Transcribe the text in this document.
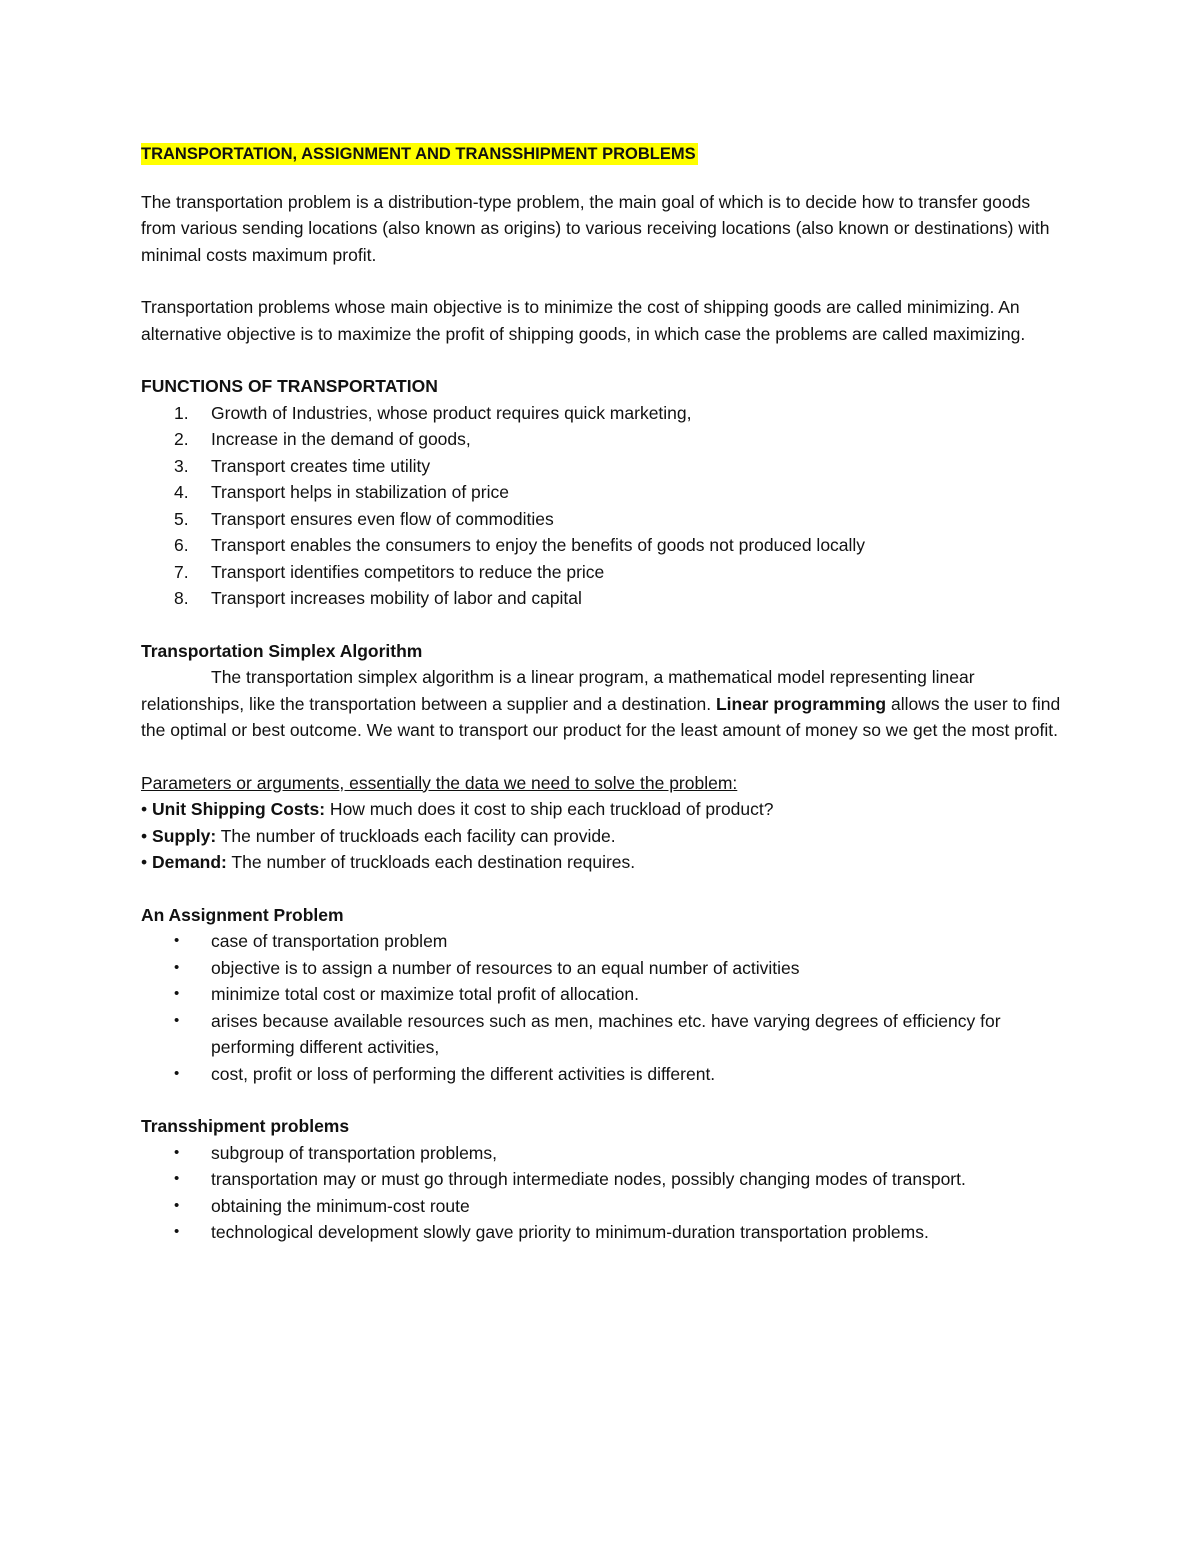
TRANSPORTATION, ASSIGNMENT AND TRANSSHIPMENT PROBLEMS

The transportation problem is a distribution-type problem, the main goal of which is to decide how to transfer goods from various sending locations (also known as origins) to various receiving locations (also known or destinations) with minimal costs maximum profit.

Transportation problems whose main objective is to minimize the cost of shipping goods are called minimizing. An alternative objective is to maximize the profit of shipping goods, in which case the problems are called maximizing.

FUNCTIONS OF TRANSPORTATION
1. Growth of Industries, whose product requires quick marketing,
2. Increase in the demand of goods,
3. Transport creates time utility
4. Transport helps in stabilization of price
5. Transport ensures even flow of commodities
6. Transport enables the consumers to enjoy the benefits of goods not produced locally
7. Transport identifies competitors to reduce the price
8. Transport increases mobility of labor and capital
Transportation Simplex Algorithm

The transportation simplex algorithm is a linear program, a mathematical model representing linear relationships, like the transportation between a supplier and a destination. Linear programming allows the user to find the optimal or best outcome. We want to transport our product for the least amount of money so we get the most profit.

Parameters or arguments, essentially the data we need to solve the problem:

• Unit Shipping Costs: How much does it cost to ship each truckload of product?

• Supply: The number of truckloads each facility can provide.

• Demand: The number of truckloads each destination requires.

An Assignment Problem
• case of transportation problem
• objective is to assign a number of resources to an equal number of activities
• minimize total cost or maximize total profit of allocation.
• arises because available resources such as men, machines etc. have varying degrees of efficiency for performing different activities,
• cost, profit or loss of performing the different activities is different.
Transshipment problems
• subgroup of transportation problems,
• transportation may or must go through intermediate nodes, possibly changing modes of transport.
• obtaining the minimum-cost route
• technological development slowly gave priority to minimum-duration transportation problems.
